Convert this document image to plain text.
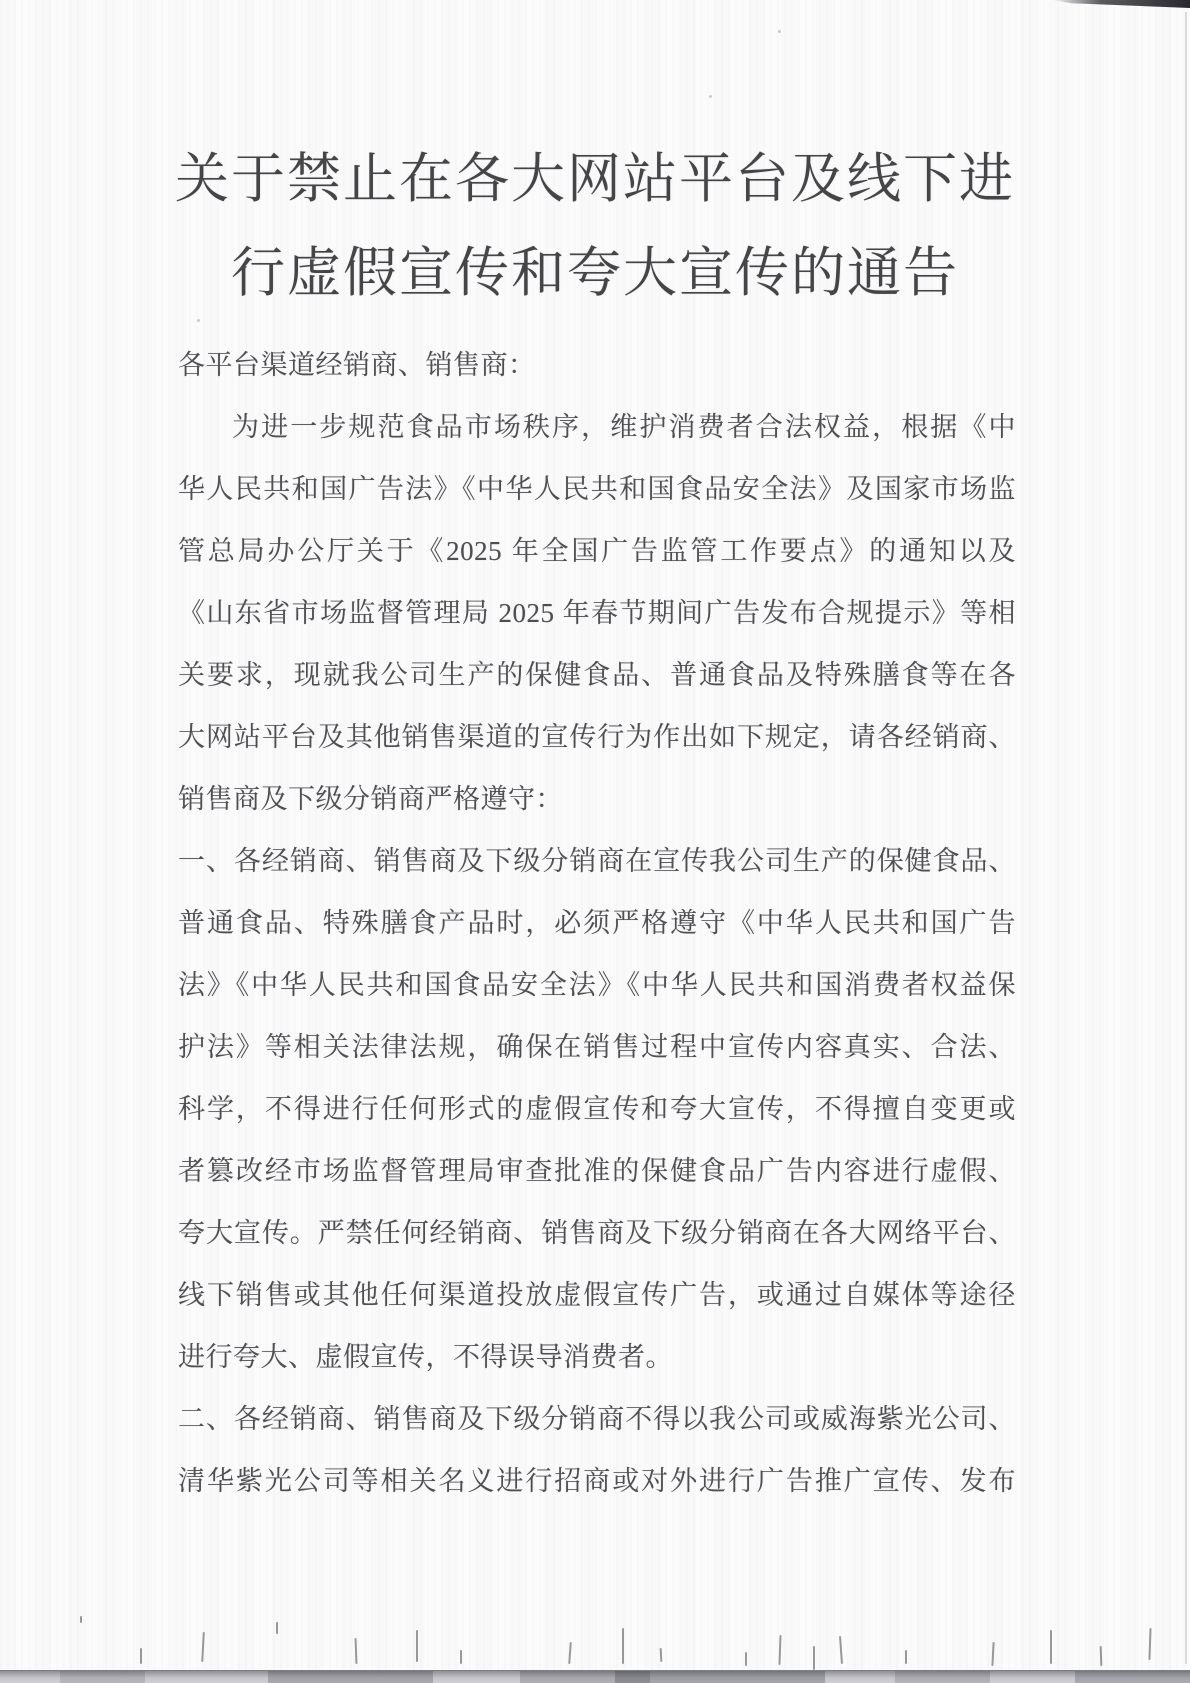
关于禁止在各大网站平台及线下进
行虚假宣传和夸大宣传的通告
各平台渠道经销商、销售商：
为进一步规范食品市场秩序，维护消费者合法权益，根据《中
华人民共和国广告法》《中华人民共和国食品安全法》及国家市场监
管总局办公厅关于《2025 年全国广告监管工作要点》的通知以及
《山东省市场监督管理局 2025 年春节期间广告发布合规提示》等相
关要求，现就我公司生产的保健食品、普通食品及特殊膳食等在各
大网站平台及其他销售渠道的宣传行为作出如下规定，请各经销商、
销售商及下级分销商严格遵守：
一、各经销商、销售商及下级分销商在宣传我公司生产的保健食品、
普通食品、特殊膳食产品时，必须严格遵守《中华人民共和国广告
法》《中华人民共和国食品安全法》《中华人民共和国消费者权益保
护法》等相关法律法规，确保在销售过程中宣传内容真实、合法、
科学，不得进行任何形式的虚假宣传和夸大宣传，不得擅自变更或
者篡改经市场监督管理局审查批准的保健食品广告内容进行虚假、
夸大宣传。严禁任何经销商、销售商及下级分销商在各大网络平台、
线下销售或其他任何渠道投放虚假宣传广告，或通过自媒体等途径
进行夸大、虚假宣传，不得误导消费者。
二、各经销商、销售商及下级分销商不得以我公司或威海紫光公司、
清华紫光公司等相关名义进行招商或对外进行广告推广宣传、发布
